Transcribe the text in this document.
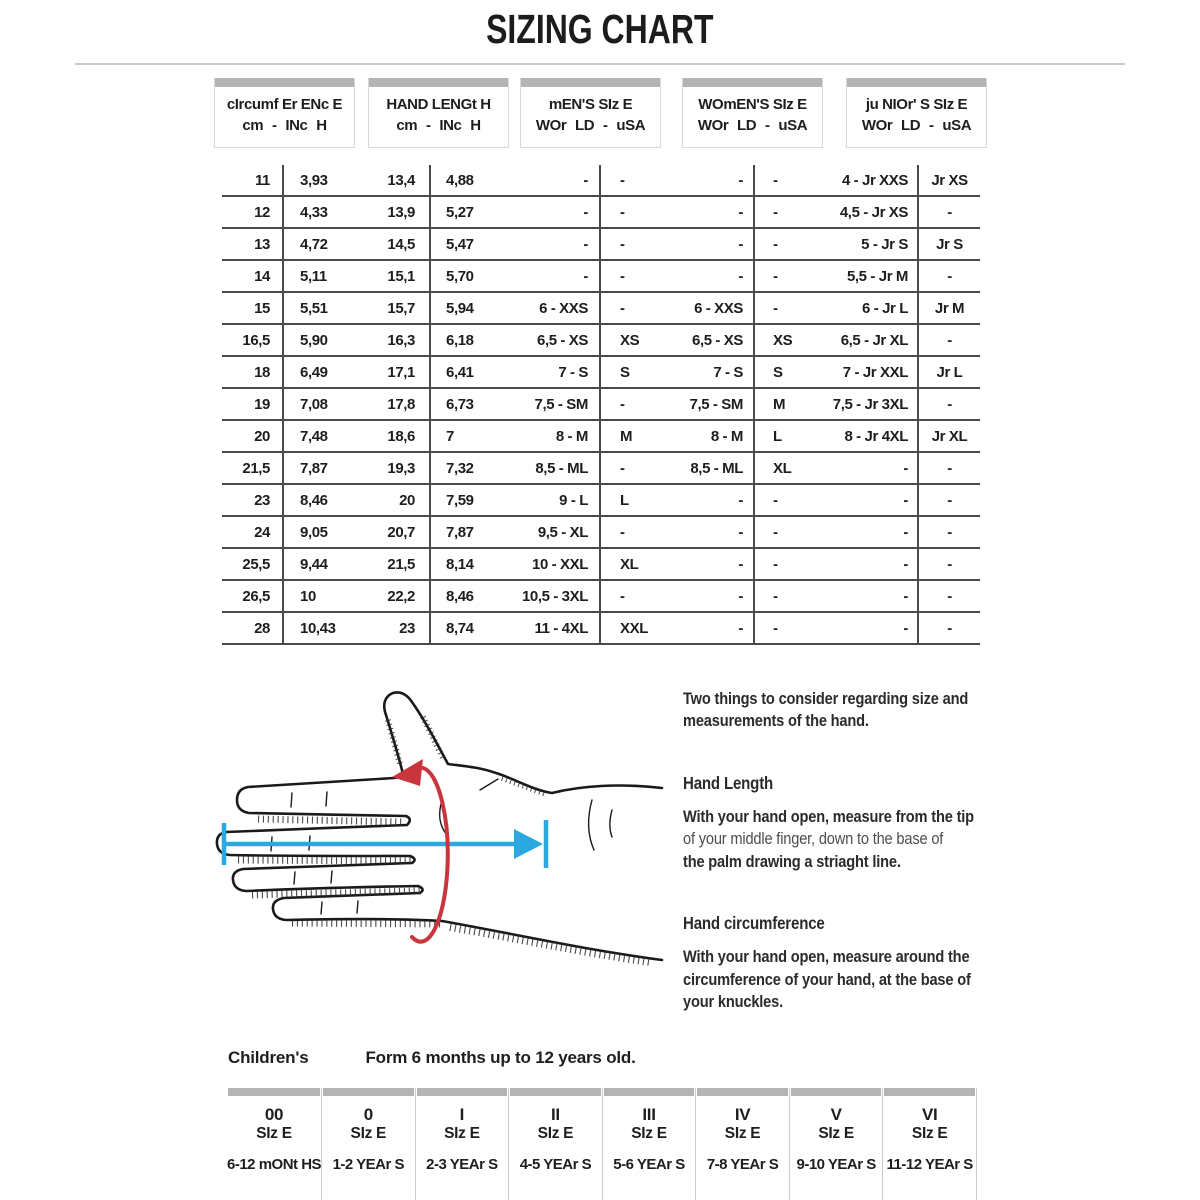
SIZING CHART
cIrcumf Er ENc E
cm - INc H
HAND LENGt H
cm - INc H
mEN'S SIz E
WOr LD - uSA
WOmEN'S SIz E
WOr LD - uSA
ju NIOr' S SIz E
WOr LD - uSA
11	3,93	13,4	4,88	-	-	-	-	4 - Jr XXS	Jr XS
12	4,33	13,9	5,27	-	-	-	-	4,5 - Jr XS	-
13	4,72	14,5	5,47	-	-	-	-	5 - Jr S	Jr S
14	5,11	15,1	5,70	-	-	-	-	5,5 - Jr M	-
15	5,51	15,7	5,94	6 - XXS	-	6 - XXS	-	6 - Jr L	Jr M
16,5	5,90	16,3	6,18	6,5 - XS	XS	6,5 - XS	XS	6,5 - Jr XL	-
18	6,49	17,1	6,41	7 - S	S	7 - S	S	7 - Jr XXL	Jr L
19	7,08	17,8	6,73	7,5 - SM	-	7,5 - SM	M	7,5 - Jr 3XL	-
20	7,48	18,6	7	8 - M	M	8 - M	L	8 - Jr 4XL	Jr XL
21,5	7,87	19,3	7,32	8,5 - ML	-	8,5 - ML	XL	-	-
23	8,46	20	7,59	9 - L	L	-	-	-	-
24	9,05	20,7	7,87	9,5 - XL	-	-	-	-	-
25,5	9,44	21,5	8,14	10 - XXL	XL	-	-	-	-
26,5	10	22,2	8,46	10,5 - 3XL	-	-	-	-	-
28	10,43	23	8,74	11 - 4XL	XXL	-	-	-	-
Two things to consider regarding size and
measurements of the hand.
Hand Length
With your hand open, measure from the tip
of your middle finger, down to the base of
the palm drawing a striaght line.
Hand circumference
With your hand open, measure around the
circumference of your hand, at the base of
your knuckles.
Children's	Form 6 months up to 12 years old.
00
SIz E
6-12 mONt HS
0
SIz E
1-2 YEAr S
I
SIz E
2-3 YEAr S
II
SIz E
4-5 YEAr S
III
SIz E
5-6 YEAr S
IV
SIz E
7-8 YEAr S
V
SIz E
9-10 YEAr S
VI
SIz E
11-12 YEAr S
